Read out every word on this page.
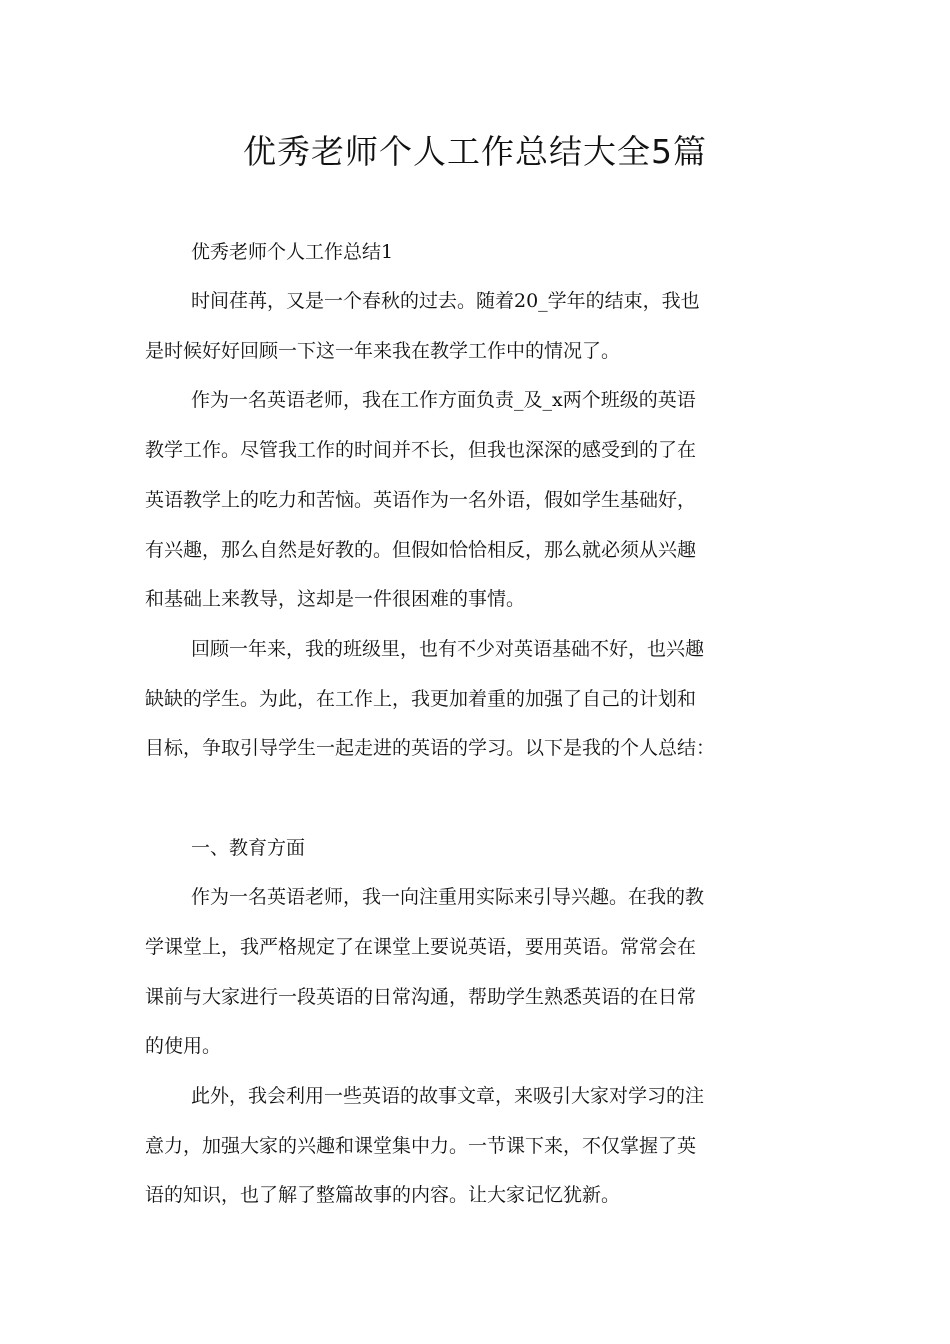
优秀老师个人工作总结大全5篇

优秀老师个人工作总结1

时间荏苒，又是一个春秋的过去。随着20_学年的结束，我也

是时候好好回顾一下这一年来我在教学工作中的情况了。

作为一名英语老师，我在工作方面负责_及_x两个班级的英语

教学工作。尽管我工作的时间并不长，但我也深深的感受到的了在

英语教学上的吃力和苦恼。英语作为一名外语，假如学生基础好，

有兴趣，那么自然是好教的。但假如恰恰相反，那么就必须从兴趣

和基础上来教导，这却是一件很困难的事情。

回顾一年来，我的班级里，也有不少对英语基础不好，也兴趣

缺缺的学生。为此，在工作上，我更加着重的加强了自己的计划和

目标，争取引导学生一起走进的英语的学习。以下是我的个人总结：

一、教育方面

作为一名英语老师，我一向注重用实际来引导兴趣。在我的教

学课堂上，我严格规定了在课堂上要说英语，要用英语。常常会在

课前与大家进行一段英语的日常沟通，帮助学生熟悉英语的在日常

的使用。

此外，我会利用一些英语的故事文章，来吸引大家对学习的注

意力，加强大家的兴趣和课堂集中力。一节课下来，不仅掌握了英

语的知识，也了解了整篇故事的内容。让大家记忆犹新。
